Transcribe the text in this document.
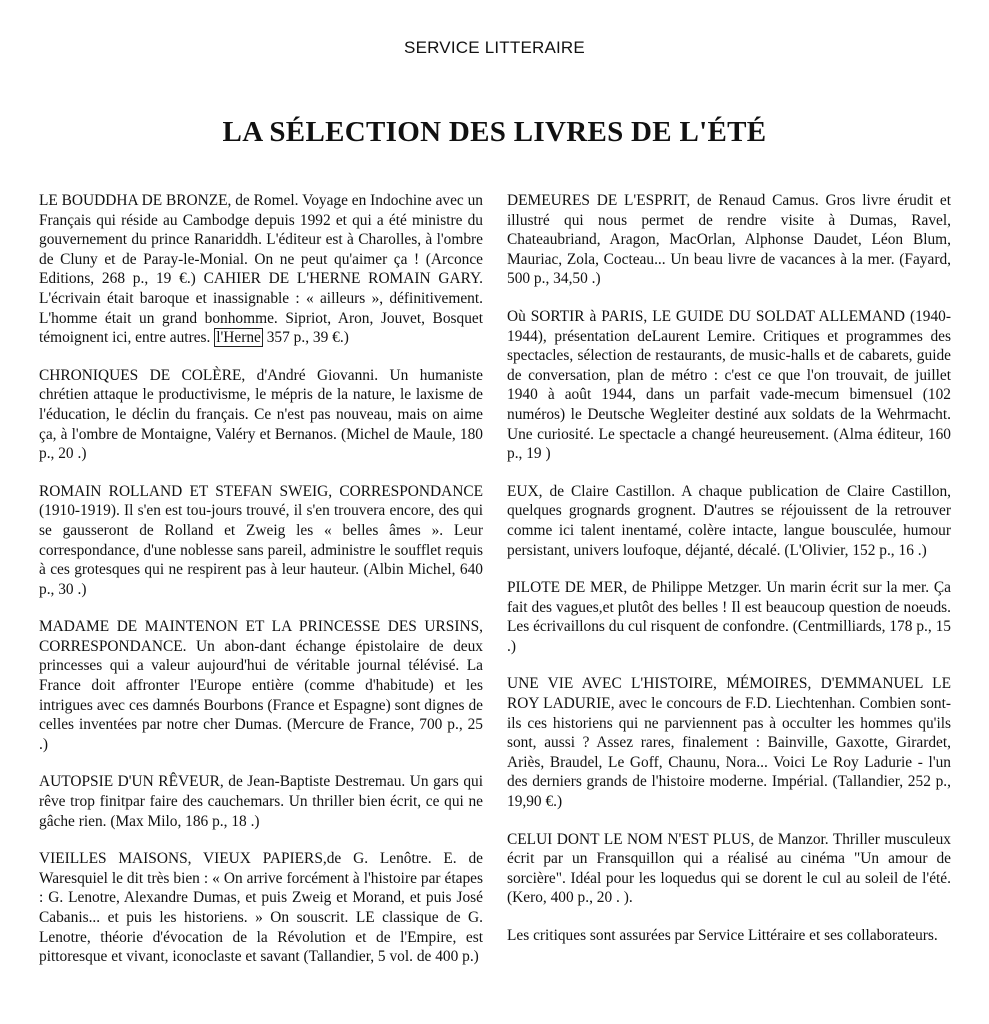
SERVICE LITTERAIRE
LA SÉLECTION DES LIVRES DE L'ÉTÉ

LE BOUDDHA DE BRONZE, de Romel. Voyage en Indochine avec un Français qui réside au Cambodge depuis 1992 et qui a été ministre du gouvernement du prince Ranariddh. L'éditeur est à Charolles, à l'ombre de Cluny et de Paray-le-Monial. On ne peut qu'aimer ça ! (Arconce Editions, 268 p., 19 €.) CAHIER DE L'HERNE ROMAIN GARY. L'écrivain était baroque et inassignable : « ailleurs », définitivement. L'homme était un grand bonhomme. Sipriot, Aron, Jouvet, Bosquet témoignent ici, entre autres. l'Herne 357 p., 39 €.)

CHRONIQUES DE COLÈRE, d'André Giovanni. Un humaniste chrétien attaque le productivisme, le mépris de la nature, le laxisme de l'éducation, le déclin du français. Ce n'est pas nouveau, mais on aime ça, à l'ombre de Montaigne, Valéry et Bernanos. (Michel de Maule, 180 p., 20 .)

ROMAIN ROLLAND ET STEFAN SWEIG, CORRESPONDANCE (1910-1919). Il s'en est tou-jours trouvé, il s'en trouvera encore, des qui se gausseront de Rolland et Zweig les « belles âmes ». Leur correspondance, d'une noblesse sans pareil, administre le soufflet requis à ces grotesques qui ne respirent pas à leur hauteur. (Albin Michel, 640 p., 30 .)

MADAME DE MAINTENON ET LA PRINCESSE DES URSINS, CORRESPONDANCE. Un abon-dant échange épistolaire de deux princesses qui a valeur aujourd'hui de véritable journal télévisé. La France doit affronter l'Europe entière (comme d'habitude) et les intrigues avec ces damnés Bourbons (France et Espagne) sont dignes de celles inventées par notre cher Dumas. (Mercure de France, 700 p., 25 .)

AUTOPSIE D'UN RÊVEUR, de Jean-Baptiste Destremau. Un gars qui rêve trop finitpar faire des cauchemars. Un thriller bien écrit, ce qui ne gâche rien. (Max Milo, 186 p., 18 .)

VIEILLES MAISONS, VIEUX PAPIERS,de G. Lenôtre. E. de Waresquiel le dit très bien : « On arrive forcément à l'histoire par étapes : G. Lenotre, Alexandre Dumas, et puis Zweig et Morand, et puis José Cabanis... et puis les historiens. » On souscrit. LE classique de G. Lenotre, théorie d'évocation de la Révolution et de l'Empire, est pittoresque et vivant, iconoclaste et savant (Tallandier, 5 vol. de 400 p.)

DEMEURES DE L'ESPRIT, de Renaud Camus. Gros livre érudit et illustré qui nous permet de rendre visite à Dumas, Ravel, Chateaubriand, Aragon, MacOrlan, Alphonse Daudet, Léon Blum, Mauriac, Zola, Cocteau... Un beau livre de vacances à la mer. (Fayard, 500 p., 34,50 .)

Où SORTIR à PARIS, LE GUIDE DU SOLDAT ALLEMAND (1940-1944), présentation deLaurent Lemire. Critiques et programmes des spectacles, sélection de restaurants, de music-halls et de cabarets, guide de conversation, plan de métro : c'est ce que l'on trouvait, de juillet 1940 à août 1944, dans un parfait vade-mecum bimensuel (102 numéros) le Deutsche Wegleiter destiné aux soldats de la Wehrmacht. Une curiosité. Le spectacle a changé heureusement. (Alma éditeur, 160 p., 19 )

EUX, de Claire Castillon. A chaque publication de Claire Castillon, quelques grognards grognent. D'autres se réjouissent de la retrouver comme ici talent inentamé, colère intacte, langue bousculée, humour persistant, univers loufoque, déjanté, décalé. (L'Olivier, 152 p., 16 .)

PILOTE DE MER, de Philippe Metzger. Un marin écrit sur la mer. Ça fait des vagues,et plutôt des belles ! Il est beaucoup question de noeuds. Les écrivaillons du cul risquent de confondre. (Centmilliards, 178 p., 15 .)

UNE VIE AVEC L'HISTOIRE, MÉMOIRES, D'EMMANUEL LE ROY LADURIE, avec le concours de F.D. Liechtenhan. Combien sont-ils ces historiens qui ne parviennent pas à occulter les hommes qu'ils sont, aussi ? Assez rares, finalement : Bainville, Gaxotte, Girardet, Ariès, Braudel, Le Goff, Chaunu, Nora... Voici Le Roy Ladurie - l'un des derniers grands de l'histoire moderne. Impérial. (Tallandier, 252 p., 19,90 €.)

CELUI DONT LE NOM N'EST PLUS, de Manzor. Thriller musculeux écrit par un Fransquillon qui a réalisé au cinéma "Un amour de sorcière". Idéal pour les loquedus qui se dorent le cul au soleil de l'été. (Kero, 400 p., 20 . ).

Les critiques sont assurées par Service Littéraire et ses collaborateurs.
